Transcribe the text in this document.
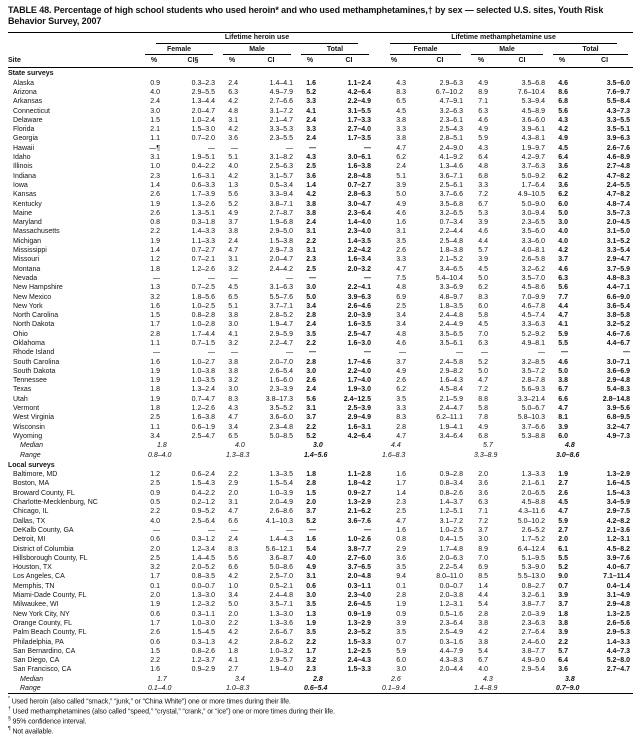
TABLE 48. Percentage of high school students who used heroin* and who used methamphetamines,† by sex — selected U.S. sites, Youth Risk Behavior Survey, 2007

	Lifetime heroin use						Lifetime methamphetamine use					

	Female		Male		Total		Female		Male		Total	

Site	%	CI§	%	CI	%	CI	%	CI	%	CI	%	CI
State surveys												
Alaska	0.9	0.3–2.3	2.4	1.4–4.1	1.6	1.1–2.4	4.3	2.9–6.3	4.9	3.5–6.8	4.6	3.5–6.0
Arizona	4.0	2.9–5.5	6.3	4.9–7.9	5.2	4.2–6.4	8.3	6.7–10.2	8.9	7.6–10.4	8.6	7.6–9.7
Arkansas	2.4	1.3–4.4	4.2	2.7–6.6	3.3	2.2–4.9	6.5	4.7–9.1	7.1	5.3–9.4	6.8	5.5–8.4
Connecticut	3.0	2.0–4.7	4.8	3.1–7.2	4.1	3.1–5.5	4.5	3.2–6.3	6.3	4.5–8.9	5.6	4.3–7.3
Delaware	1.5	1.0–2.4	3.1	2.1–4.7	2.4	1.7–3.3	3.8	2.3–6.1	4.6	3.6–6.0	4.3	3.3–5.5
Florida	2.1	1.5–3.0	4.2	3.3–5.3	3.3	2.7–4.0	3.3	2.5–4.3	4.9	3.9–6.1	4.2	3.5–5.1
Georgia	1.1	0.7–2.0	3.6	2.3–5.5	2.4	1.7–3.5	3.8	2.8–5.1	5.9	4.3–8.1	4.9	3.9–6.3
Hawaii	—¶	—	—	—	—	—	4.7	2.4–9.0	4.3	1.9–9.7	4.5	2.6–7.6
Idaho	3.1	1.9–5.1	5.1	3.1–8.2	4.3	3.0–6.1	6.2	4.1–9.2	6.4	4.2–9.7	6.4	4.6–8.9
Illinois	1.0	0.4–2.2	4.0	2.5–6.3	2.5	1.6–3.8	2.4	1.3–4.6	4.8	3.7–6.3	3.6	2.7–4.8
Indiana	2.3	1.6–3.1	4.2	3.1–5.7	3.6	2.8–4.8	5.1	3.6–7.1	6.8	5.0–9.2	6.2	4.7–8.2
Iowa	1.4	0.6–3.3	1.3	0.5–3.4	1.4	0.7–2.7	3.9	2.5–6.1	3.3	1.7–6.4	3.6	2.4–5.5
Kansas	2.6	1.7–3.9	5.6	3.3–9.4	4.2	2.8–6.3	5.0	3.7–6.6	7.2	4.9–10.5	6.2	4.7–8.2
Kentucky	1.9	1.3–2.6	5.2	3.8–7.1	3.8	3.0–4.7	4.9	3.5–6.8	6.7	5.0–9.0	6.0	4.8–7.4
Maine	2.6	1.3–5.1	4.9	2.7–8.7	3.8	2.3–6.4	4.6	3.2–6.5	5.3	3.0–9.4	5.0	3.5–7.3
Maryland	0.8	0.3–1.8	3.7	1.9–6.8	2.4	1.4–4.0	1.6	0.7–3.4	3.9	2.3–6.5	3.0	2.0–4.5
Massachusetts	2.2	1.4–3.3	3.8	2.9–5.0	3.1	2.3–4.0	3.1	2.2–4.4	4.6	3.5–6.0	4.0	3.1–5.0
Michigan	1.9	1.1–3.3	2.4	1.5–3.8	2.2	1.4–3.5	3.5	2.5–4.8	4.4	3.3–6.0	4.0	3.1–5.2
Mississippi	1.4	0.7–2.7	4.7	2.9–7.3	3.1	2.2–4.2	2.6	1.8–3.8	5.7	4.0–8.1	4.2	3.3–5.4
Missouri	1.2	0.7–2.1	3.1	2.0–4.7	2.3	1.6–3.4	3.3	2.1–5.2	3.9	2.6–5.8	3.7	2.9–4.7
Montana	1.8	1.2–2.6	3.2	2.4–4.2	2.5	2.0–3.2	4.7	3.4–6.5	4.5	3.2–6.2	4.6	3.7–5.9
Nevada	—	—	—	—	—	—	7.5	5.4–10.4	5.0	3.5–7.0	6.3	4.8–8.3
New Hampshire	1.3	0.7–2.5	4.5	3.1–6.3	3.0	2.2–4.1	4.8	3.3–6.9	6.2	4.5–8.6	5.6	4.4–7.1
New Mexico	3.2	1.8–5.6	6.5	5.5–7.6	5.0	3.9–6.3	6.9	4.8–9.7	8.3	7.0–9.9	7.7	6.6–9.0
New York	1.6	1.0–2.5	5.1	3.7–7.1	3.4	2.6–4.6	2.5	1.8–3.5	6.0	4.6–7.8	4.4	3.6–5.4
North Carolina	1.5	0.8–2.8	3.8	2.8–5.2	2.8	2.0–3.9	3.4	2.4–4.8	5.8	4.5–7.4	4.7	3.8–5.8
North Dakota	1.7	1.0–2.8	3.0	1.9–4.7	2.4	1.6–3.5	3.4	2.4–4.9	4.5	3.3–6.3	4.1	3.2–5.2
Ohio	2.8	1.7–4.4	4.1	2.9–5.9	3.5	2.5–4.7	4.8	3.5–6.5	7.0	5.2–9.2	5.9	4.6–7.6
Oklahoma	1.1	0.7–1.5	3.2	2.2–4.7	2.2	1.6–3.0	4.6	3.5–6.1	6.3	4.9–8.1	5.5	4.4–6.7
Rhode Island	—	—	—	—	—	—	—	—	—	—	—	—
South Carolina	1.6	1.0–2.7	3.8	2.0–7.0	2.8	1.7–4.6	3.7	2.4–5.8	5.2	3.2–8.5	4.6	3.0–7.1
South Dakota	1.9	1.0–3.8	3.8	2.6–5.4	3.0	2.2–4.0	4.9	2.9–8.2	5.0	3.5–7.2	5.0	3.6–6.9
Tennessee	1.9	1.0–3.5	3.2	1.6–6.0	2.6	1.7–4.0	2.6	1.6–4.3	4.7	2.8–7.8	3.8	2.9–4.8
Texas	1.8	1.3–2.4	3.0	2.3–3.9	2.4	1.9–3.0	6.2	4.5–8.4	7.2	5.6–9.3	6.7	5.4–8.3
Utah	1.9	0.7–4.7	8.3	3.8–17.3	5.6	2.4–12.5	3.5	2.1–5.9	8.8	3.3–21.4	6.6	2.8–14.8
Vermont	1.8	1.2–2.6	4.3	3.5–5.2	3.1	2.5–3.9	3.3	2.4–4.7	5.8	5.0–6.7	4.7	3.9–5.6
West Virginia	2.5	1.6–3.8	4.7	3.6–6.0	3.7	2.9–4.9	8.3	6.2–11.1	7.8	5.8–10.3	8.1	6.8–9.5
Wisconsin	1.1	0.6–1.9	3.4	2.3–4.8	2.2	1.6–3.1	2.8	1.9–4.1	4.9	3.7–6.6	3.9	3.2–4.7
Wyoming	3.4	2.5–4.7	6.5	5.0–8.5	5.2	4.2–6.4	4.7	3.4–6.4	6.8	5.3–8.8	6.0	4.9–7.3
Median	1.8		4.0		3.0		4.4		5.7		4.8	
Range	0.8–4.0		1.3–8.3		1.4–5.6		1.6–8.3		3.3–8.9		3.0–8.6	
Local surveys												
Baltimore, MD	1.2	0.6–2.4	2.2	1.3–3.5	1.8	1.1–2.8	1.6	0.9–2.8	2.0	1.3–3.3	1.9	1.3–2.9
Boston, MA	2.5	1.5–4.3	2.9	1.5–5.4	2.8	1.8–4.2	1.7	0.8–3.4	3.6	2.1–6.1	2.7	1.6–4.5
Broward County, FL	0.9	0.4–2.2	2.0	1.0–3.9	1.5	0.9–2.7	1.4	0.8–2.6	3.6	2.0–6.5	2.6	1.5–4.3
Charlotte-Mecklenburg, NC	0.5	0.2–1.2	3.1	2.0–4.9	2.0	1.3–2.9	2.3	1.4–3.7	6.3	4.5–8.8	4.5	3.4–5.9
Chicago, IL	2.2	0.9–5.2	4.7	2.6–8.6	3.7	2.1–6.2	2.5	1.2–5.1	7.1	4.3–11.6	4.7	2.9–7.5
Dallas, TX	4.0	2.5–6.4	6.6	4.1–10.3	5.2	3.6–7.6	4.7	3.1–7.2	7.2	5.0–10.2	5.9	4.2–8.2
DeKalb County, GA	—	—	—	—	—	—	1.6	1.0–2.5	3.7	2.6–5.2	2.7	2.1–3.6
Detroit, MI	0.6	0.3–1.2	2.4	1.4–4.3	1.6	1.0–2.6	0.8	0.4–1.5	3.0	1.7–5.2	2.0	1.2–3.1
District of Columbia	2.0	1.2–3.4	8.3	5.6–12.1	5.4	3.8–7.7	2.9	1.7–4.8	8.9	6.4–12.4	6.1	4.5–8.2
Hillsborough County, FL	2.5	1.4–4.5	5.6	3.6–8.7	4.0	2.7–6.0	3.6	2.0–6.3	7.0	5.1–9.5	5.5	3.9–7.6
Houston, TX	3.2	2.0–5.2	6.6	5.0–8.6	4.9	3.7–6.5	3.5	2.2–5.4	6.9	5.3–9.0	5.2	4.0–6.7
Los Angeles, CA	1.7	0.8–3.5	4.2	2.5–7.0	3.1	2.0–4.8	9.4	8.0–11.0	8.5	5.5–13.0	9.0	7.1–11.4
Memphis, TN	0.1	0.0–0.7	1.0	0.5–2.1	0.6	0.3–1.1	0.1	0.0–0.7	1.4	0.8–2.7	0.7	0.4–1.4
Miami-Dade County, FL	2.0	1.3–3.0	3.4	2.4–4.8	3.0	2.3–4.0	2.8	2.0–3.8	4.4	3.2–6.1	3.9	3.1–4.9
Milwaukee, WI	1.9	1.2–3.2	5.0	3.5–7.1	3.5	2.6–4.5	1.9	1.2–3.1	5.4	3.8–7.7	3.7	2.9–4.8
New York City, NY	0.6	0.3–1.1	2.0	1.3–3.0	1.3	0.9–1.9	0.9	0.5–1.6	2.8	2.0–3.9	1.8	1.3–2.5
Orange County, FL	1.7	1.0–3.0	2.2	1.3–3.6	1.9	1.3–2.9	3.9	2.3–6.4	3.8	2.3–6.3	3.8	2.6–5.6
Palm Beach County, FL	2.6	1.5–4.5	4.2	2.6–6.7	3.5	2.3–5.2	3.5	2.5–4.9	4.2	2.7–6.4	3.9	2.9–5.3
Philadelphia, PA	0.6	0.3–1.3	4.2	2.8–6.2	2.2	1.5–3.3	0.7	0.3–1.6	3.8	2.4–6.0	2.2	1.4–3.3
San Bernardino, CA	1.5	0.8–2.6	1.8	1.0–3.2	1.7	1.2–2.5	5.9	4.4–7.9	5.4	3.8–7.7	5.7	4.4–7.3
San Diego, CA	2.2	1.2–3.7	4.1	2.9–5.7	3.2	2.4–4.3	6.0	4.3–8.3	6.7	4.9–9.0	6.4	5.2–8.0
San Francisco, CA	1.6	0.9–2.9	2.7	1.9–4.0	2.3	1.5–3.3	3.0	2.0–4.4	4.0	2.9–5.4	3.6	2.7–4.7
Median	1.7		3.4		2.8		2.6		4.3		3.8	
Range	0.1–4.0		1.0–8.3		0.6–5.4		0.1–9.4		1.4–8.9		0.7–9.0	
* Used heroin (also called “smack,” “junk,” or “China White”) one or more times during their life.
† Used methamphetamines (also called “speed,” “crystal,” “crank,” or “ice”) one or more times during their life.
§ 95% confidence interval.
¶ Not available.
